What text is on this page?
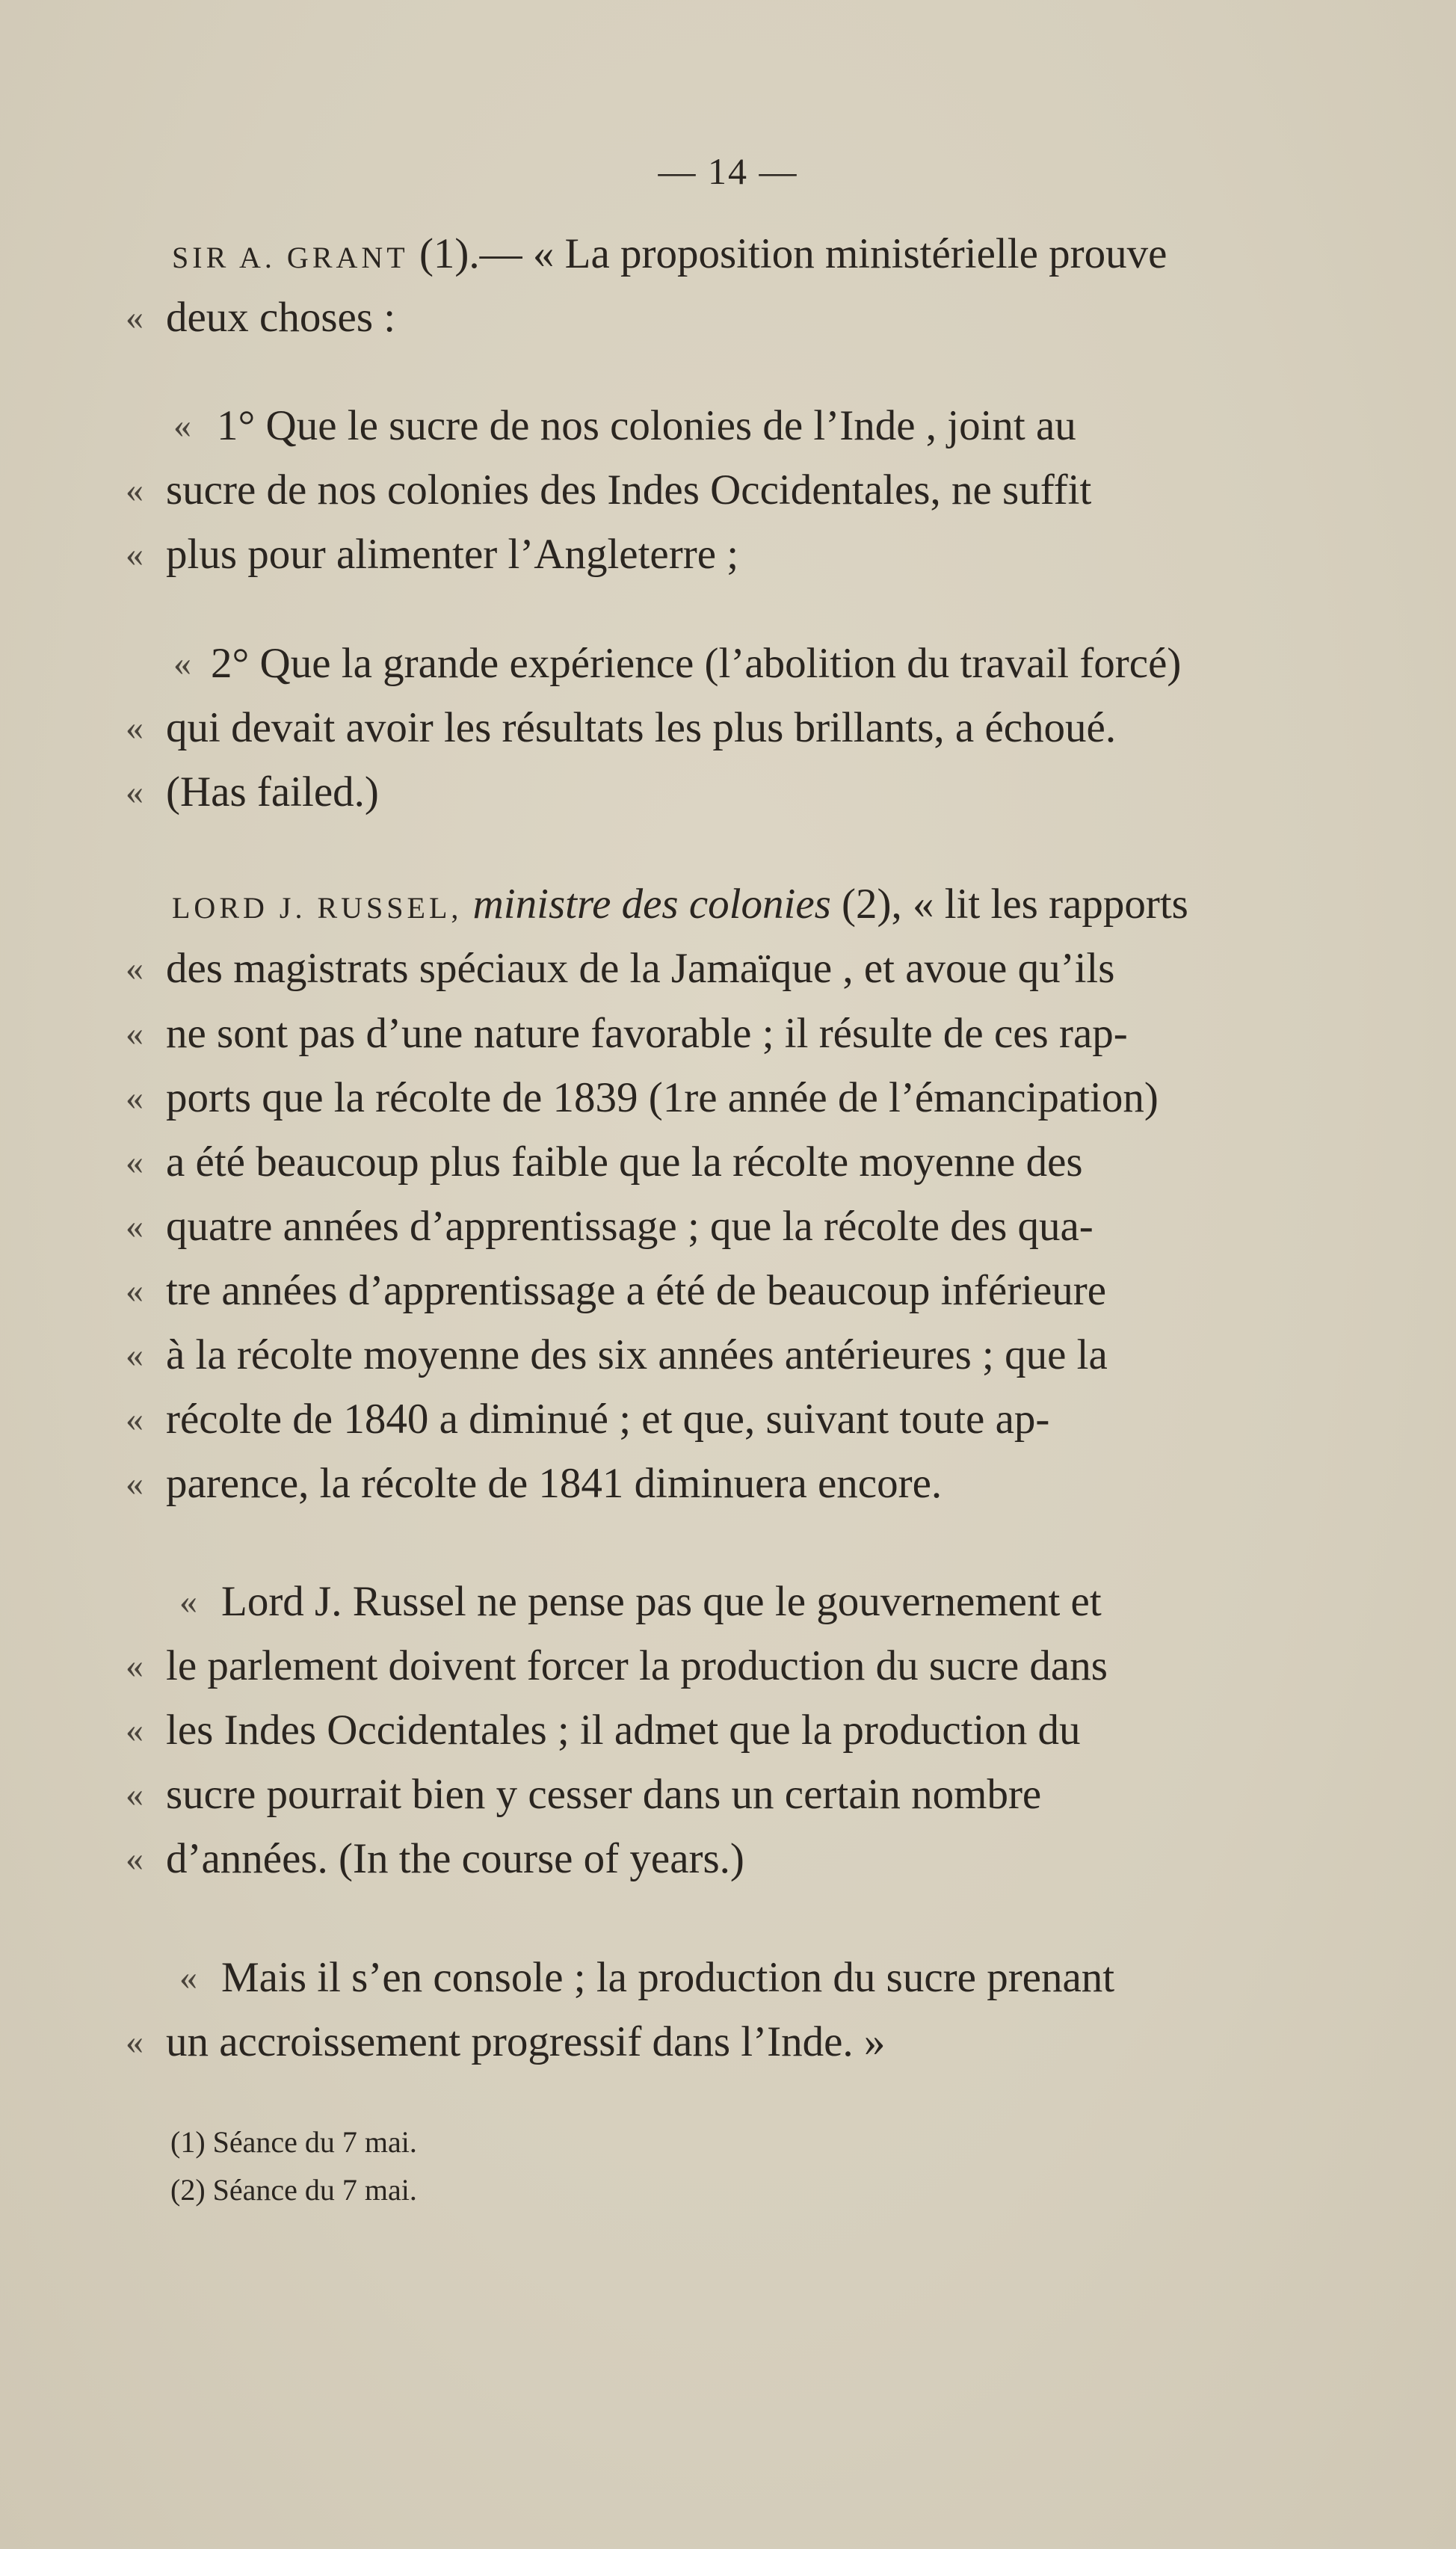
— 14 —
SIR A. GRANT (1).— « La proposition ministérielle prouve
« deux choses :
« 1° Que le sucre de nos colonies de l’Inde , joint au
« sucre de nos colonies des Indes Occidentales, ne suffit
« plus pour alimenter l’Angleterre ;
« 2° Que la grande expérience (l’abolition du travail forcé)
« qui devait avoir les résultats les plus brillants, a échoué.
« (Has failed.)
LORD J. RUSSEL, ministre des colonies (2), « lit les rapports
« des magistrats spéciaux de la Jamaïque , et avoue qu’ils
« ne sont pas d’une nature favorable ; il résulte de ces rap-
« ports que la récolte de 1839 (1re année de l’émancipation)
« a été beaucoup plus faible que la récolte moyenne des
« quatre années d’apprentissage ; que la récolte des qua-
« tre années d’apprentissage a été de beaucoup inférieure
« à la récolte moyenne des six années antérieures ; que la
« récolte de 1840 a diminué ; et que, suivant toute ap-
« parence, la récolte de 1841 diminuera encore.
« Lord J. Russel ne pense pas que le gouvernement et
« le parlement doivent forcer la production du sucre dans
« les Indes Occidentales ; il admet que la production du
« sucre pourrait bien y cesser dans un certain nombre
« d’années. (In the course of years.)
« Mais il s’en console ; la production du sucre prenant
« un accroissement progressif dans l’Inde. »
(1) Séance du 7 mai.
(2) Séance du 7 mai.
